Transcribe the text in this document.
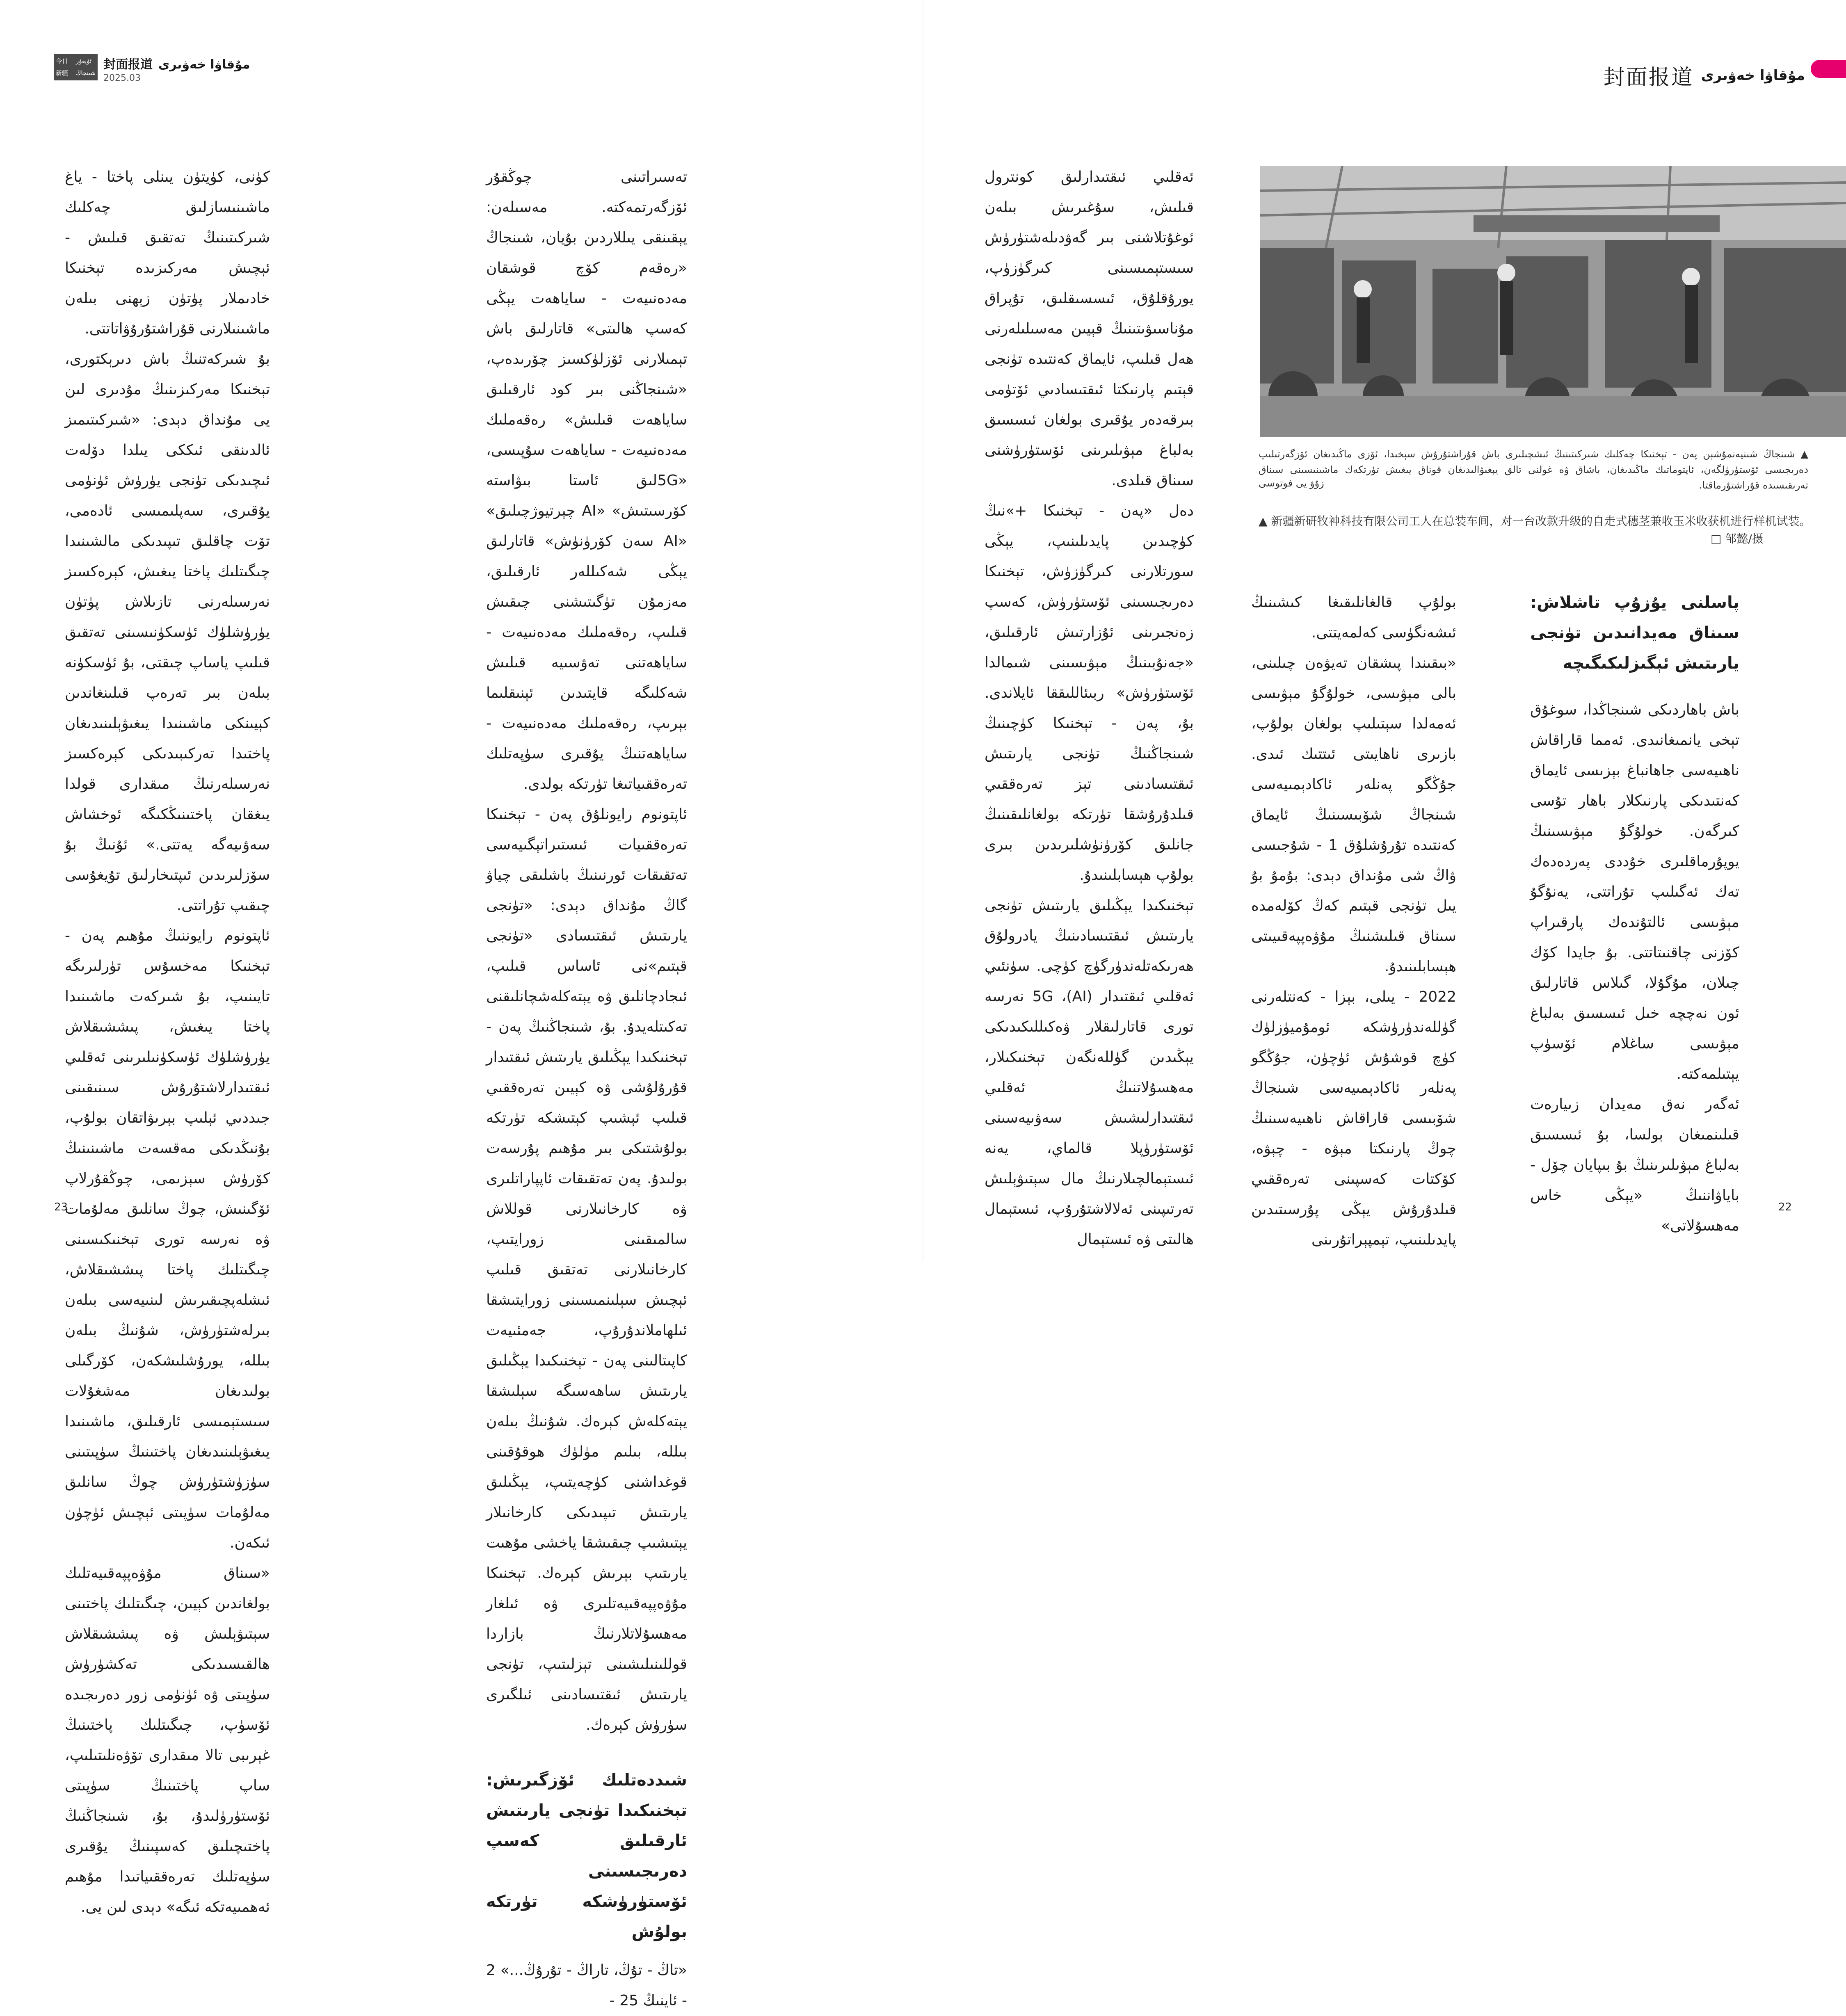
今日	ئۇيغۇر
新疆	شىنجاڭ
封面报道 مۇقاۋا خەۋىرى
2025.03

كۈنى، كۈيتۈن يىنلى پاختا - ياغ ماشىنىسازلىق چەكلىك شىركىتىنىڭ تەتقىق قىلىش - ئېچىش مەركىزىدە تېخنىكا خادىملار پۈتۈن زېھنى بىلەن ماشىنىلارنى قۇراشتۇرۇۋاتاتتى.

بۇ شىركەتنىڭ باش دىرېكتورى، تېخنىكا مەركىزىنىڭ مۇدىرى لىن يى مۇنداق دېدى: «شىركىتىمىز ئالدىنقى ئىككى يىلدا دۆلەت ئىچىدىكى تۈنجى يۈرۈش ئۈنۈمى يۇقىرى، سەپلىمىسى ئادەمى، تۆت چاقلىق تىپىدىكى مالشىنىدا چىگىتلىك پاختا يىغىش، كېرەكسىز نەرسىلەرنى تازىلاش پۈتۈن يۈرۈشلۈك ئۈسكۈنىسىنى تەتقىق قىلىپ ياساپ چىقتى، بۇ ئۈسكۈنە بىلەن بىر تەرەپ قىلىنغاندىن كېيىنكى ماشىنىدا يىغىۋېلىنىدىغان پاختىدا تەركىبىدىكى كېرەكسىز نەرسىلەرنىڭ مىقدارى قولدا يىغقان پاختىنىڭكىگە ئوخشاش سەۋىيەگە يەتتى.» ئۇنىڭ بۇ سۆزلىرىدىن ئىپتىخارلىق تۇيغۇسى چىقىپ تۇراتتى.

ئاپتونوم رايوننىڭ مۇھىم پەن - تېخنىكا مەخسۇس تۈرلىرىگە تايىنىپ، بۇ شىركەت ماشىنىدا پاختا يىغىش، پىششىقلاش يۈرۈشلۈك ئۈسكۈنىلىرىنى ئەقلىي ئىقتىدارلاشتۇرۇش سىنىقىنى جىددىي ئېلىپ بېرىۋاتقان بولۇپ، بۇنىڭدىكى مەقسەت ماشىنىنىڭ كۆرۈش سېزىمى، چوڭقۇرلاپ ئۆگىنىش، چوڭ سانلىق مەلۇمات ۋە نەرسە تورى تېخنىكىسىنى چىگىتلىك پاختا پىششىقلاش، ئىشلەپچىقىرىش لىنىيەسى بىلەن بىرلەشتۈرۈش، شۇنىڭ بىلەن بىللە، يورۇشلىشكەن، كۆرگىلى بولىدىغان مەشغۇلات سىستېمىسى ئارقىلىق، ماشىنىدا يىغىۋېلىنىدىغان پاختىنىڭ سۈپىتىنى سۈزۈشتۈرۈش چوڭ سانلىق مەلۇمات سۈپىتى ئېچىش ئۈچۈن ئىكەن.

«سىناق مۇۋەپپەقىيەتلىك بولغاندىن كېيىن، چىگىتلىك پاختىنى سېتىۋېلىش ۋە پىششىقلاش ھالقىسىدىكى تەكشۈرۈش سۈپىتى ۋە ئۈنۈمى زور دەرىجىدە ئۆسۈپ، چىگىتلىك پاختىنىڭ غېرىبى تالا مىقدارى تۆۋەنلىتىلىپ، ساپ پاختىنىڭ سۈپىتى ئۆستۈرۈلىدۇ، بۇ، شىنجاڭنىڭ پاختىچىلىق كەسپىنىڭ يۇقىرى سۈپەتلىك تەرەققىياتىدا مۇھىم ئەھمىيەتكە ئىگە» دېدى لىن يى.

تەسىراتىنى چوڭقۇر ئۆزگەرتمەكتە. مەسىلەن: يېقىنقى يىللاردىن بۇيان، شىنجاڭ «رەقەم كۆچ قوشقان مەدەنىيەت - ساياھەت يېڭى كەسپ ھالىتى» قاتارلىق باش تېمىلارنى ئۆزلۈكسىز چۆرىدەپ، «شىنجاڭنى بىر كود ئارقىلىق ساياھەت قىلىش» رەقەملىك مەدەنىيەت - ساياھەت سۇپىسى، «5Gلىق ئاستا بىۋاستە كۆرسىتىش» «AI چېرتيوژچىلىق» «AI سەن كۆرۈنۈش» قاتارلىق يېڭى شەكىللەر ئارقىلىق، مەزمۇن تۈگىتىشنى چىقىش قىلىپ، رەقەملىك مەدەنىيەت - ساياھەتنى تەۋسىيە قىلىش شەكلىگە قايتىدىن ئېنىقلىما بېرىپ، رەقەملىك مەدەنىيەت - ساياھەتنىڭ يۇقىرى سۈپەتلىك تەرەققىياتىغا تۈرتكە بولدى.

ئاپتونوم رايونلۇق پەن - تېخنىكا تەرەققىيات ئىستىراتېگىيەسى تەتقىقات ئورنىنىڭ باشلىقى چياۋ گاڭ مۇنداق دېدى: «تۈنجى يارىتىش ئىقتىسادى «تۈنجى قېتىم»نى ئاساس قىلىپ، ئىجادچانلىق ۋە يېتەكلەشچانلىقنى تەكىتلەيدۇ. بۇ، شىنجاڭنىڭ پەن - تېخنىكىدا يېڭىلىق يارىتىش ئىقتىدار قۇرۇلۇشى ۋە كېيىن تەرەققىي قىلىپ ئېشىپ كېتىشكە تۈرتكە بولۇشتىكى بىر مۇھىم پۇرسەت بولىدۇ. پەن تەتقىقات ئاپپاراتلىرى ۋە كارخانىلارنى قوللاش سالمىقىنى زورايتىپ، كارخانىلارنى تەتقىق قىلىپ ئېچىش سېلىنمىسىنى زورايتىشقا ئىلھاملاندۇرۇپ، جەمئىيەت كاپىتالىنى پەن - تېخنىكىدا يېڭىلىق يارىتىش ساھەسىگە سېلىشقا يېتەكلەش كېرەك. شۇنىڭ بىلەن بىللە، بىلىم مۈلۈك ھوقۇقىنى قوغداشنى كۈچەيتىپ، يېڭىلىق يارىتىش تىپىدىكى كارخانىلار يېتىشىپ چىقىشقا ياخشى مۇھىت يارىتىپ بېرىش كېرەك. تېخنىكا مۇۋەپپەقىيەتلىرى ۋە ئىلغار مەھسۇلاتلارنىڭ بازاردا قوللىنىلىشىنى تېزلىتىپ، تۈنجى يارىتىش ئىقتىسادىنى ئىلگىرى سۈرۈش كېرەك.

شىددەتلىك ئۆزگىرىش: تېخنىكىدا تۈنجى يارىتىش ئارقىلىق كەسپ دەرىجىسىنى ئۆستۈرۈشكە تۈرتكە بولۇش

«تاڭ - تۇڭ، تاراڭ - تۇرۇڭ...» 2 - ئاينىڭ 25 -

23
封面报道 مۇقاۋا خەۋىرى

پاسلنى يۇزۇپ تاشلاش: سىناق مەيدانىدىن تۈنجى يارىتىش ئېگىزلىكىگىچە

باش باھاردىكى شىنجاڭدا، سوغۇق تېخى يانمىغانىدى. ئەمما قاراقاش ناھىيەسى جاھانباغ بېزىسى ئايماق كەنتىدىكى پارنىكلار باھار تۇسى كىرگەن. خولۇگۇ مېۋىسىنىڭ يوپۇرماقلىرى خۇددى پەردەدەك تەك ئەگىلىپ تۇراتتى، يەنۇگۇ مېۋىسى ئالتۇندەك پارقىراپ كۆزنى چاقنىتاتتى. بۇ جايدا كۆك چىلان، مۇگۇلا، گىلاس قاتارلىق ئون نەچچە خىل ئىسسىق بەلباغ مېۋىسى ساغلام ئۆسۈپ يېتىلمەكتە.

ئەگەر نەق مەيدان زىيارەت قىلىنمىغان بولسا، بۇ ئىسسىق بەلباغ مېۋىلىرىنىڭ بۇ بىپايان چۆل - باياۋاننىڭ «يېڭى خاس مەھسۇلاتى»

بولۇپ قالغانلىقىغا كىشىنىڭ ئىشەنگۈسى كەلمەيتتى.

«بىقىندا پىشقان تەيۋەن چىلىنى، بالى مېۋىسى، خولۇگۇ مېۋىسى ئەمەلدا سېتىلىپ بولغان بولۇپ، بازىرى ناھايىتى ئىتتىك ئىدى. جۇڭگو پەنلەر ئاكادېمىيەسى شىنجاڭ شۆبىسىنىڭ ئايماق كەنتىدە تۇرۇشلۇق 1 - شۇجىسى ۋاڭ شى مۇنداق دېدى: بۇمۇ بۇ يىل تۈنجى قېتىم كەڭ كۆلەمدە سىناق قىلىشنىڭ مۇۋەپپەقىيىتى ھېسابلىنىدۇ.

2022 - يىلى، بېزا - كەنتلەرنى گۈللەندۈرۈشكە ئومۇميۈزلۈك كۈچ قوشۇش ئۈچۈن، جۇڭگو پەنلەر ئاكادېمىيەسى شىنجاڭ شۆبىسى قاراقاش ناھىيەسىنىڭ چوڭ پارنىكتا مېۋە - چېۋە، كۆكتات كەسپىنى تەرەققىي قىلدۇرۇش يېڭى پۇرسىتىدىن پايدىلىنىپ، تېمپېراتۇرىنى

ئەقلىي ئىقتىدارلىق كونترول قىلىش، سۇغىرىش بىلەن ئوغۇتلاشنى بىر گەۋدىلەشتۈرۈش سىستېمىسىنى كىرگۈزۈپ، يورۇقلۇق، ئىسسىقلىق، تۇپراق مۇناسىۋىتىنىڭ قېيىن مەسىلىلەرنى ھەل قىلىپ، ئايماق كەنتىدە تۈنجى قېتىم پارنىكتا ئىقتىسادىي ئۆتۈمى بىرقەدەر يۇقىرى بولغان ئىسسىق بەلباغ مېۋىلىرىنى ئۆستۈرۈشنى سىناق قىلدى.

دەل «پەن - تېخنىكا +»نىڭ كۈچىدىن پايدىلىنىپ، يېڭى سورتلارنى كىرگۈزۈش، تېخنىكا دەرىجىسىنى ئۆستۈرۈش، كەسپ زەنجىرىنى ئۇزارتىش ئارقىلىق، «جەنۇبىنىڭ مېۋىسىنى شىمالدا ئۆستۈرۈش» ربىئاللىققا ئايلاندى. بۇ، پەن - تېخنىكا كۈچىنىڭ شىنجاڭنىڭ تۈنجى يارىتىش ئىقتىسادىنى تېز تەرەققىي قىلدۇرۇشقا تۈرتكە بولغانلىقىنىڭ جانلىق كۆرۈنۈشلىرىدىن بىرى بولۇپ ھېسابلىنىدۇ.

تېخنىكىدا يېڭىلىق يارىتىش تۈنجى يارىتىش ئىقتىسادىنىڭ يادرولۇق ھەرىكەتلەندۈرگۈچ كۈچى. سۈنئىي ئەقلىي ئىقتىدار (AI)، 5G نەرسە تورى قاتارلىقلار ۋەكىللىكىدىكى يېڭىدىن گۈللەنگەن تېخنىكىلار، مەھسۇلاتنىڭ ئەقلىي ئىقتىدارلىشىش سەۋىيەسىنى ئۆستۈرۈپلا قالماي، يەنە ئىستېمالچىلارنىڭ مال سېتىۋېلىش تەرتىپىنى ئەلالاشتۇرۇپ، ئىستېمال ھالىتى ۋە ئىستېمال

▲ شىنجاڭ شىنيەنمۇشېن پەن - تېخنىكا چەكلىك شىركىتىنىڭ ئىشچىلىرى باش قۇراشتۇرۇش سېخىدا، ئۆزى ماڭىدىغان ئۆزگەرتىلىپ دەرىجىسى ئۆستۈرۈلگەن، ئاپتوماتىك ماڭىدىغان، باشاق ۋە غولنى تالق يېغىۋالىدىغان قوناق يىغىش تۈرتكەك ماشىنىسىنى سىناق تەرىقىسىدە قۇراشتۇرماقتا.
زۇۋ يى فوتوسى
▲ 新疆新研牧神科技有限公司工人在总装车间，对一台改款升级的自走式穗茎兼收玉米收获机进行样机试装。
□ 邹懿/摄
22
